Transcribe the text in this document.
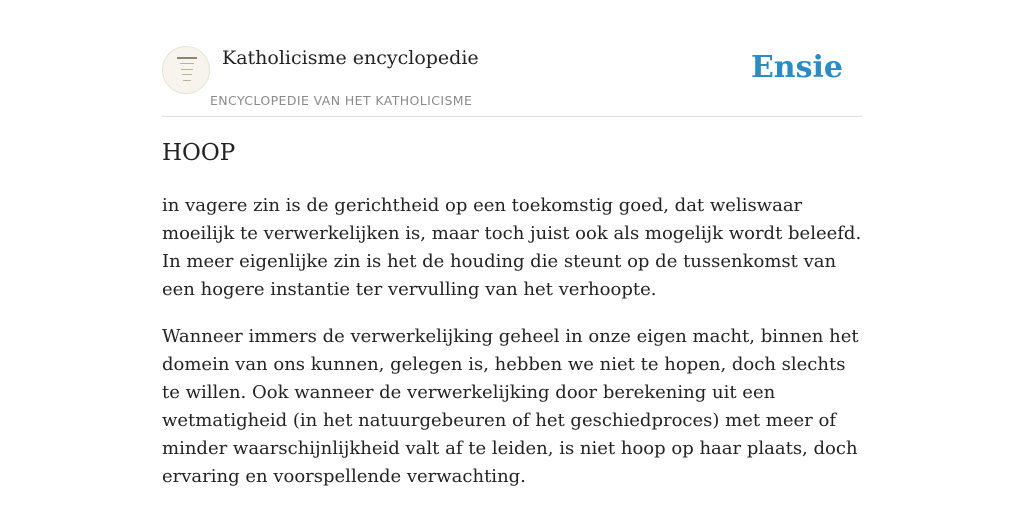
Katholicisme encyclopedie
ENCYCLOPEDIE VAN HET KATHOLICISME
Ensie
HOOP

in vagere zin is de gerichtheid op een toekomstig goed, dat weliswaar moeilijk te verwerkelijken is, maar toch juist ook als mogelijk wordt beleefd. In meer eigenlijke zin is het de houding die steunt op de tussenkomst van een hogere instantie ter vervulling van het verhoopte.

Wanneer immers de verwerkelijking geheel in onze eigen macht, binnen het domein van ons kunnen, gelegen is, hebben we niet te hopen, doch slechts te willen. Ook wanneer de verwerkelijking door berekening uit een wetmatigheid (in het natuurgebeuren of het geschiedproces) met meer of minder waarschijnlijkheid valt af te leiden, is niet hoop op haar plaats, doch ervaring en voorspellende verwachting.
